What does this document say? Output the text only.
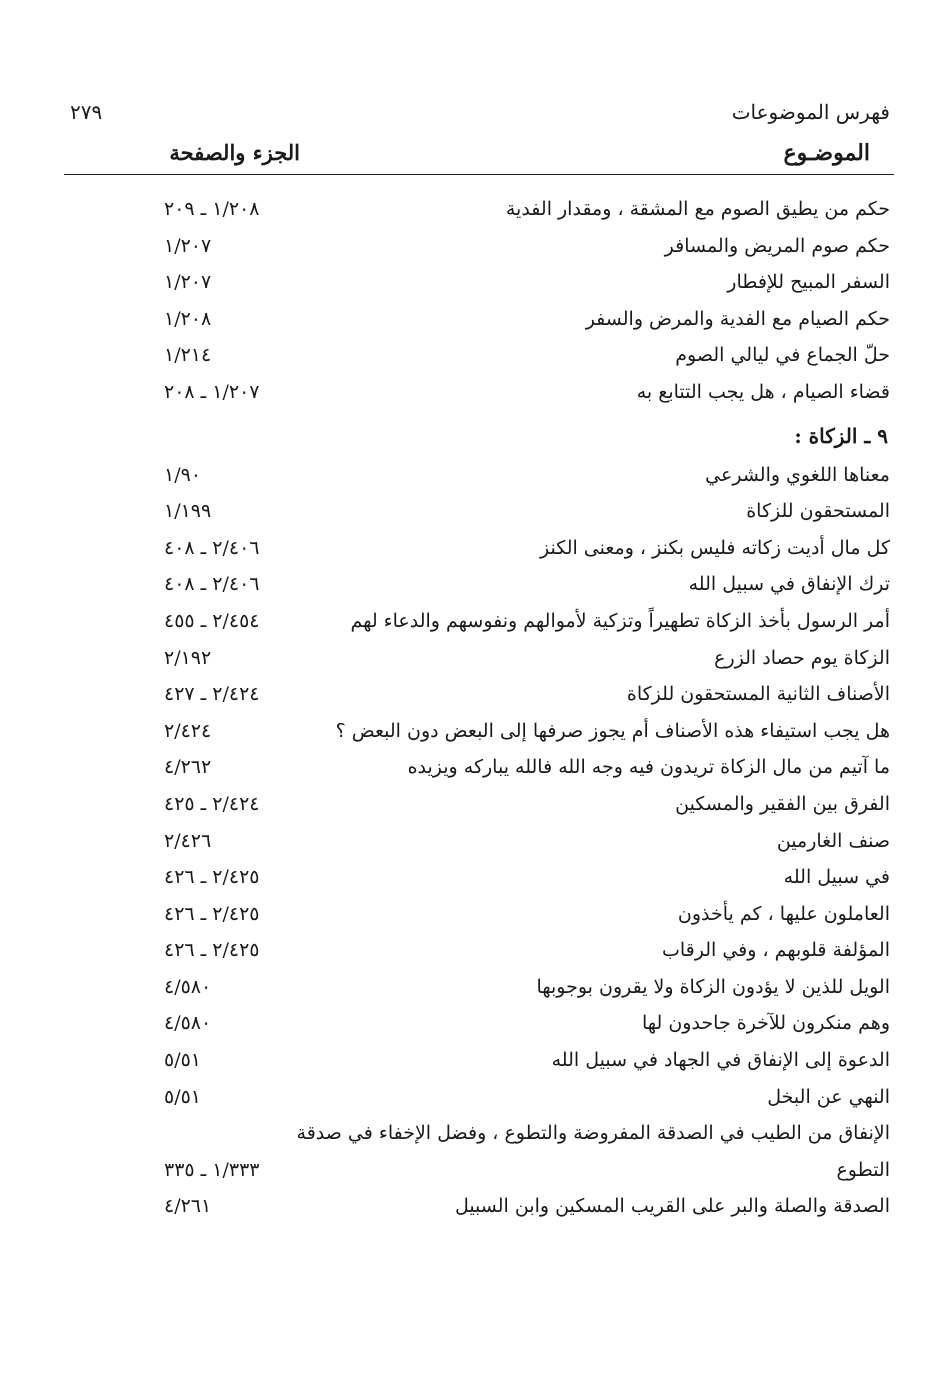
فهرس الموضوعات
٢٧٩
الموضـوع
الجزء والصفحة
حكم من يطيق الصوم مع المشقة ، ومقدار الفدية
١/٢٠٨ ـ ٢٠٩
حكم صوم المريض والمسافر
١/٢٠٧
السفر المبيح للإفطار
١/٢٠٧
حكم الصيام مع الفدية والمرض والسفر
١/٢٠٨
حلّ الجماع في ليالي الصوم
١/٢١٤
قضاء الصيام ، هل يجب التتابع به
١/٢٠٧ ـ ٢٠٨
٩ ـ الزكاة :
معناها اللغوي والشرعي
١/٩٠
المستحقون للزكاة
١/١٩٩
كل مال أديت زكاته فليس بكنز ، ومعنى الكنز
٢/٤٠٦ ـ ٤٠٨
ترك الإنفاق في سبيل الله
٢/٤٠٦ ـ ٤٠٨
أمر الرسول بأخذ الزكاة تطهيراً وتزكية لأموالهم ونفوسهم والدعاء لهم
٢/٤٥٤ ـ ٤٥٥
الزكاة يوم حصاد الزرع
٢/١٩٢
الأصناف الثانية المستحقون للزكاة
٢/٤٢٤ ـ ٤٢٧
هل يجب استيفاء هذه الأصناف أم يجوز صرفها إلى البعض دون البعض ؟
٢/٤٢٤
ما آتيم من مال الزكاة تريدون فيه وجه الله فالله يباركه ويزيده
٤/٢٦٢
الفرق بين الفقير والمسكين
٢/٤٢٤ ـ ٤٢٥
صنف الغارمين
٢/٤٢٦
في سبيل الله
٢/٤٢٥ ـ ٤٢٦
العاملون عليها ، كم يأخذون
٢/٤٢٥ ـ ٤٢٦
المؤلفة قلوبهم ، وفي الرقاب
٢/٤٢٥ ـ ٤٢٦
الويل للذين لا يؤدون الزكاة ولا يقرون بوجوبها
٤/٥٨٠
وهم منكرون للآخرة جاحدون لها
٤/٥٨٠
الدعوة إلى الإنفاق في الجهاد في سبيل الله
٥/٥١
النهي عن البخل
٥/٥١
الإنفاق من الطيب في الصدقة المفروضة والتطوع ، وفضل الإخفاء في صدقة
التطوع
١/٣٣٣ ـ ٣٣٥
الصدقة والصلة والبر على القريب المسكين وابن السبيل
٤/٢٦١
